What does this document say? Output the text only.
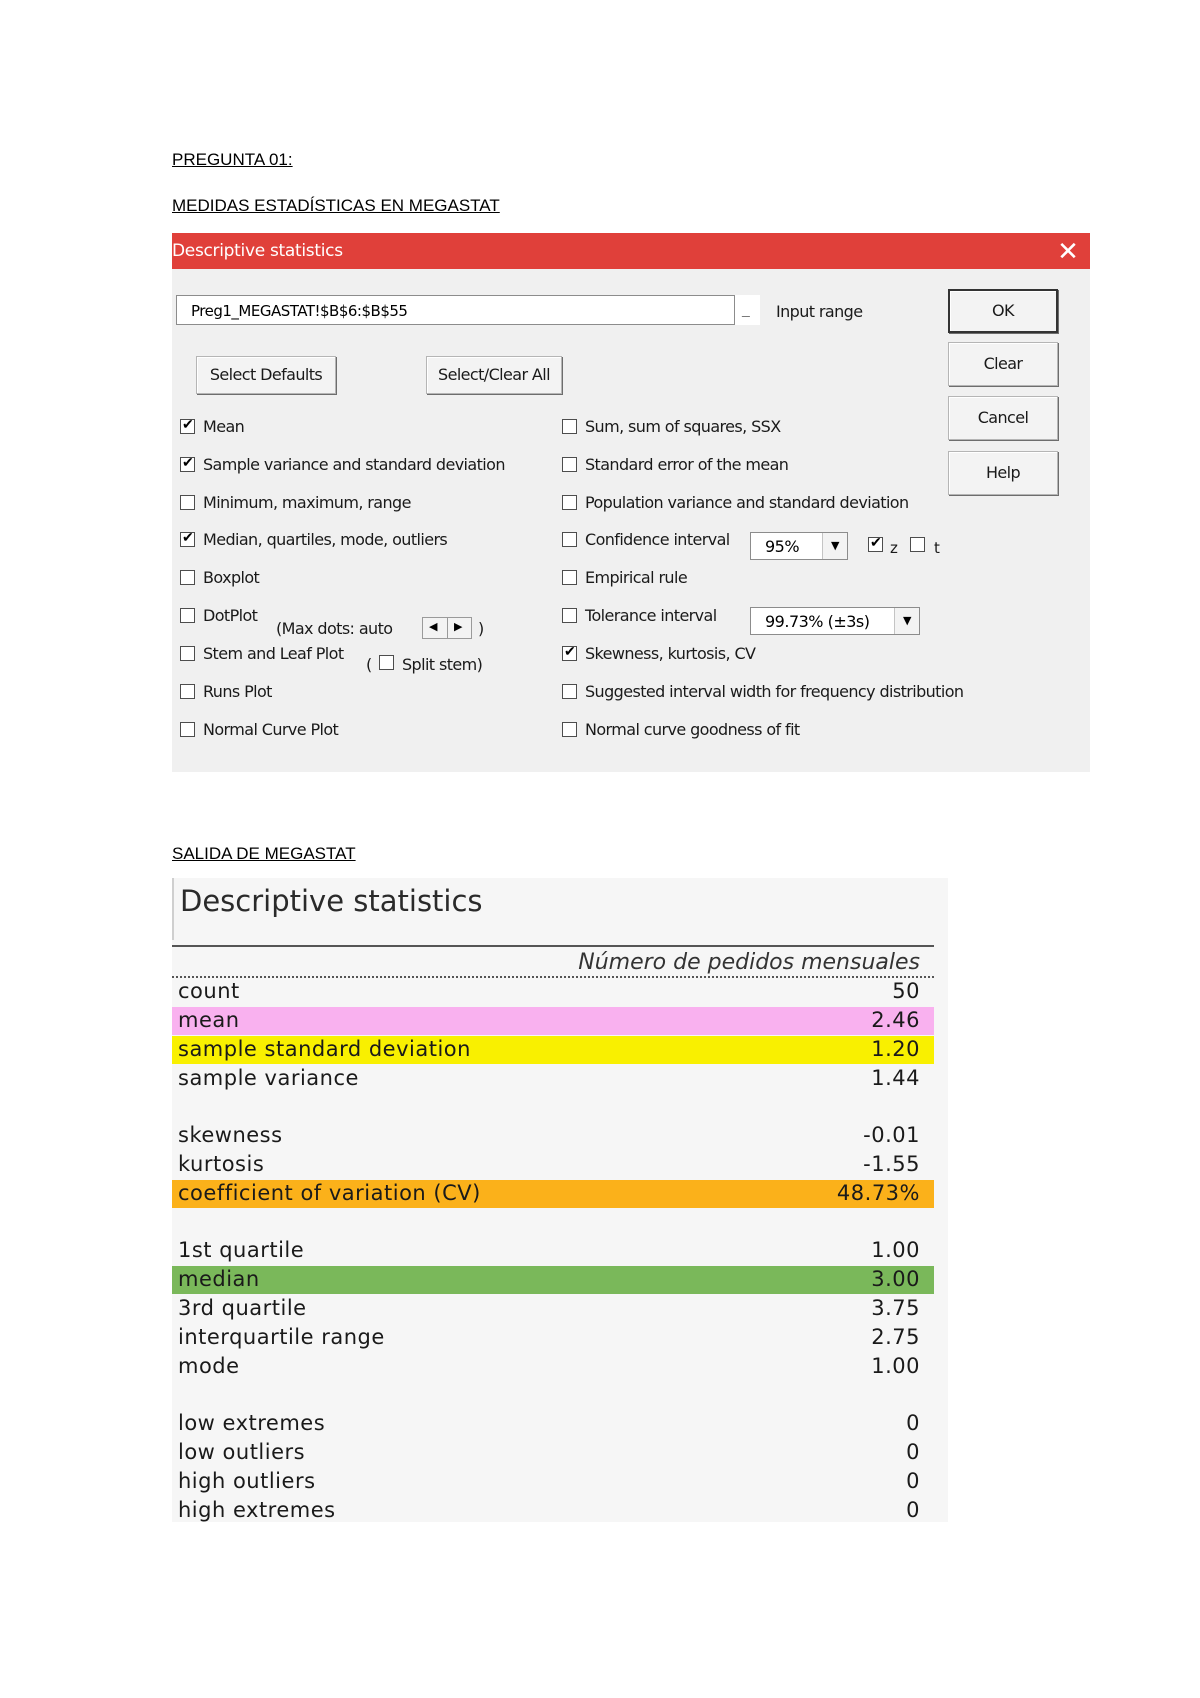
PREGUNTA 01:
MEDIDAS ESTADÍSTICAS EN MEGASTAT
Descriptive statistics	✕
Preg1_MEGASTAT!$B$6:$B$55	_ Input range	OK
Clear
Cancel
Help
Select Defaults	Select/Clear All
(Max dots: auto	◀ ▶ )
( Split stem)
95%	▼ ✔	z t
99.73% (±3s)	▼
✔
Mean
✔
Sample variance and standard deviation
Minimum, maximum, range
✔
Median, quartiles, mode, outliers
Boxplot
DotPlot
Stem and Leaf Plot
Runs Plot
Normal Curve Plot
Sum, sum of squares, SSX
Standard error of the mean
Population variance and standard deviation
Confidence interval
Empirical rule
Tolerance interval
✔
Skewness, kurtosis, CV
Suggested interval width for frequency distribution
Normal curve goodness of fit
SALIDA DE MEGASTAT
Descriptive statistics
Número de pedidos mensuales
count	50
mean	2.46
sample standard deviation	1.20
sample variance	1.44
skewness	-0.01
kurtosis	-1.55
coefficient of variation (CV)	48.73%
1st quartile	1.00
median	3.00
3rd quartile	3.75
interquartile range	2.75
mode	1.00
low extremes	0
low outliers	0
high outliers	0
high extremes	0
